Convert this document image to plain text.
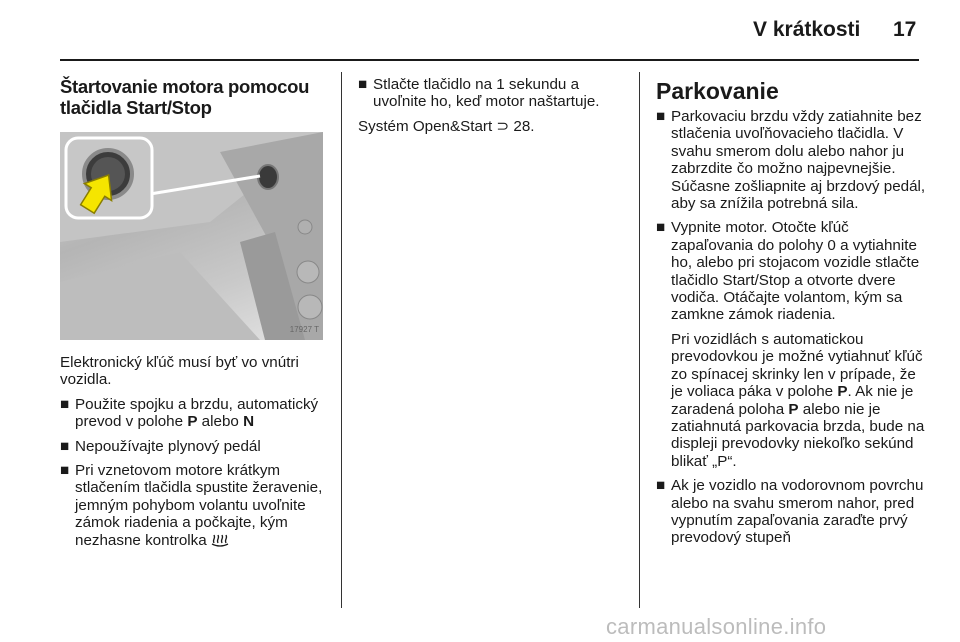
V krátkosti 17
Štartovanie motora pomocou tlačidla Start/Stop
17927 T

Elektronický kľúč musí byť vo vnútri vozidla.

■ Použite spojku a brzdu, automatický prevod v polohe P alebo N
■ Nepoužívajte plynový pedál
■ Pri vznetovom motore krátkym stlačením tlačidla spustite žeravenie, jemným pohybom volantu uvoľnite zámok riadenia a počkajte, kým nezhasne kontrolka
■ Stlačte tlačidlo na 1 sekundu a uvoľnite ho, keď motor naštartuje.

Systém Open&Start ⊃ 28.

Parkovanie
■ Parkovaciu brzdu vždy zatiahnite bez stlačenia uvoľňovacieho tlačidla. V svahu smerom dolu alebo nahor ju zabrzdite čo možno najpevnejšie. Súčasne zošliapnite aj brzdový pedál, aby sa znížila potrebná sila.
■ Vypnite motor. Otočte kľúč zapaľovania do polohy 0 a vytiahnite ho, alebo pri stojacom vozidle stlačte tlačidlo Start/Stop a otvorte dvere vodiča. Otáčajte volantom, kým sa zamkne zámok riadenia.

Pri vozidlách s automatickou prevodovkou je možné vytiahnuť kľúč zo spínacej skrinky len v prípade, že je voliaca páka v polohe P. Ak nie je zaradená poloha P alebo nie je zatiahnutá parkovacia brzda, bude na displeji prevodovky niekoľko sekúnd blikať „P“.

■ Ak je vozidlo na vodorovnom povrchu alebo na svahu smerom nahor, pred vypnutím zapaľovania zaraďte prvý prevodový stupeň
carmanualsonline.info
